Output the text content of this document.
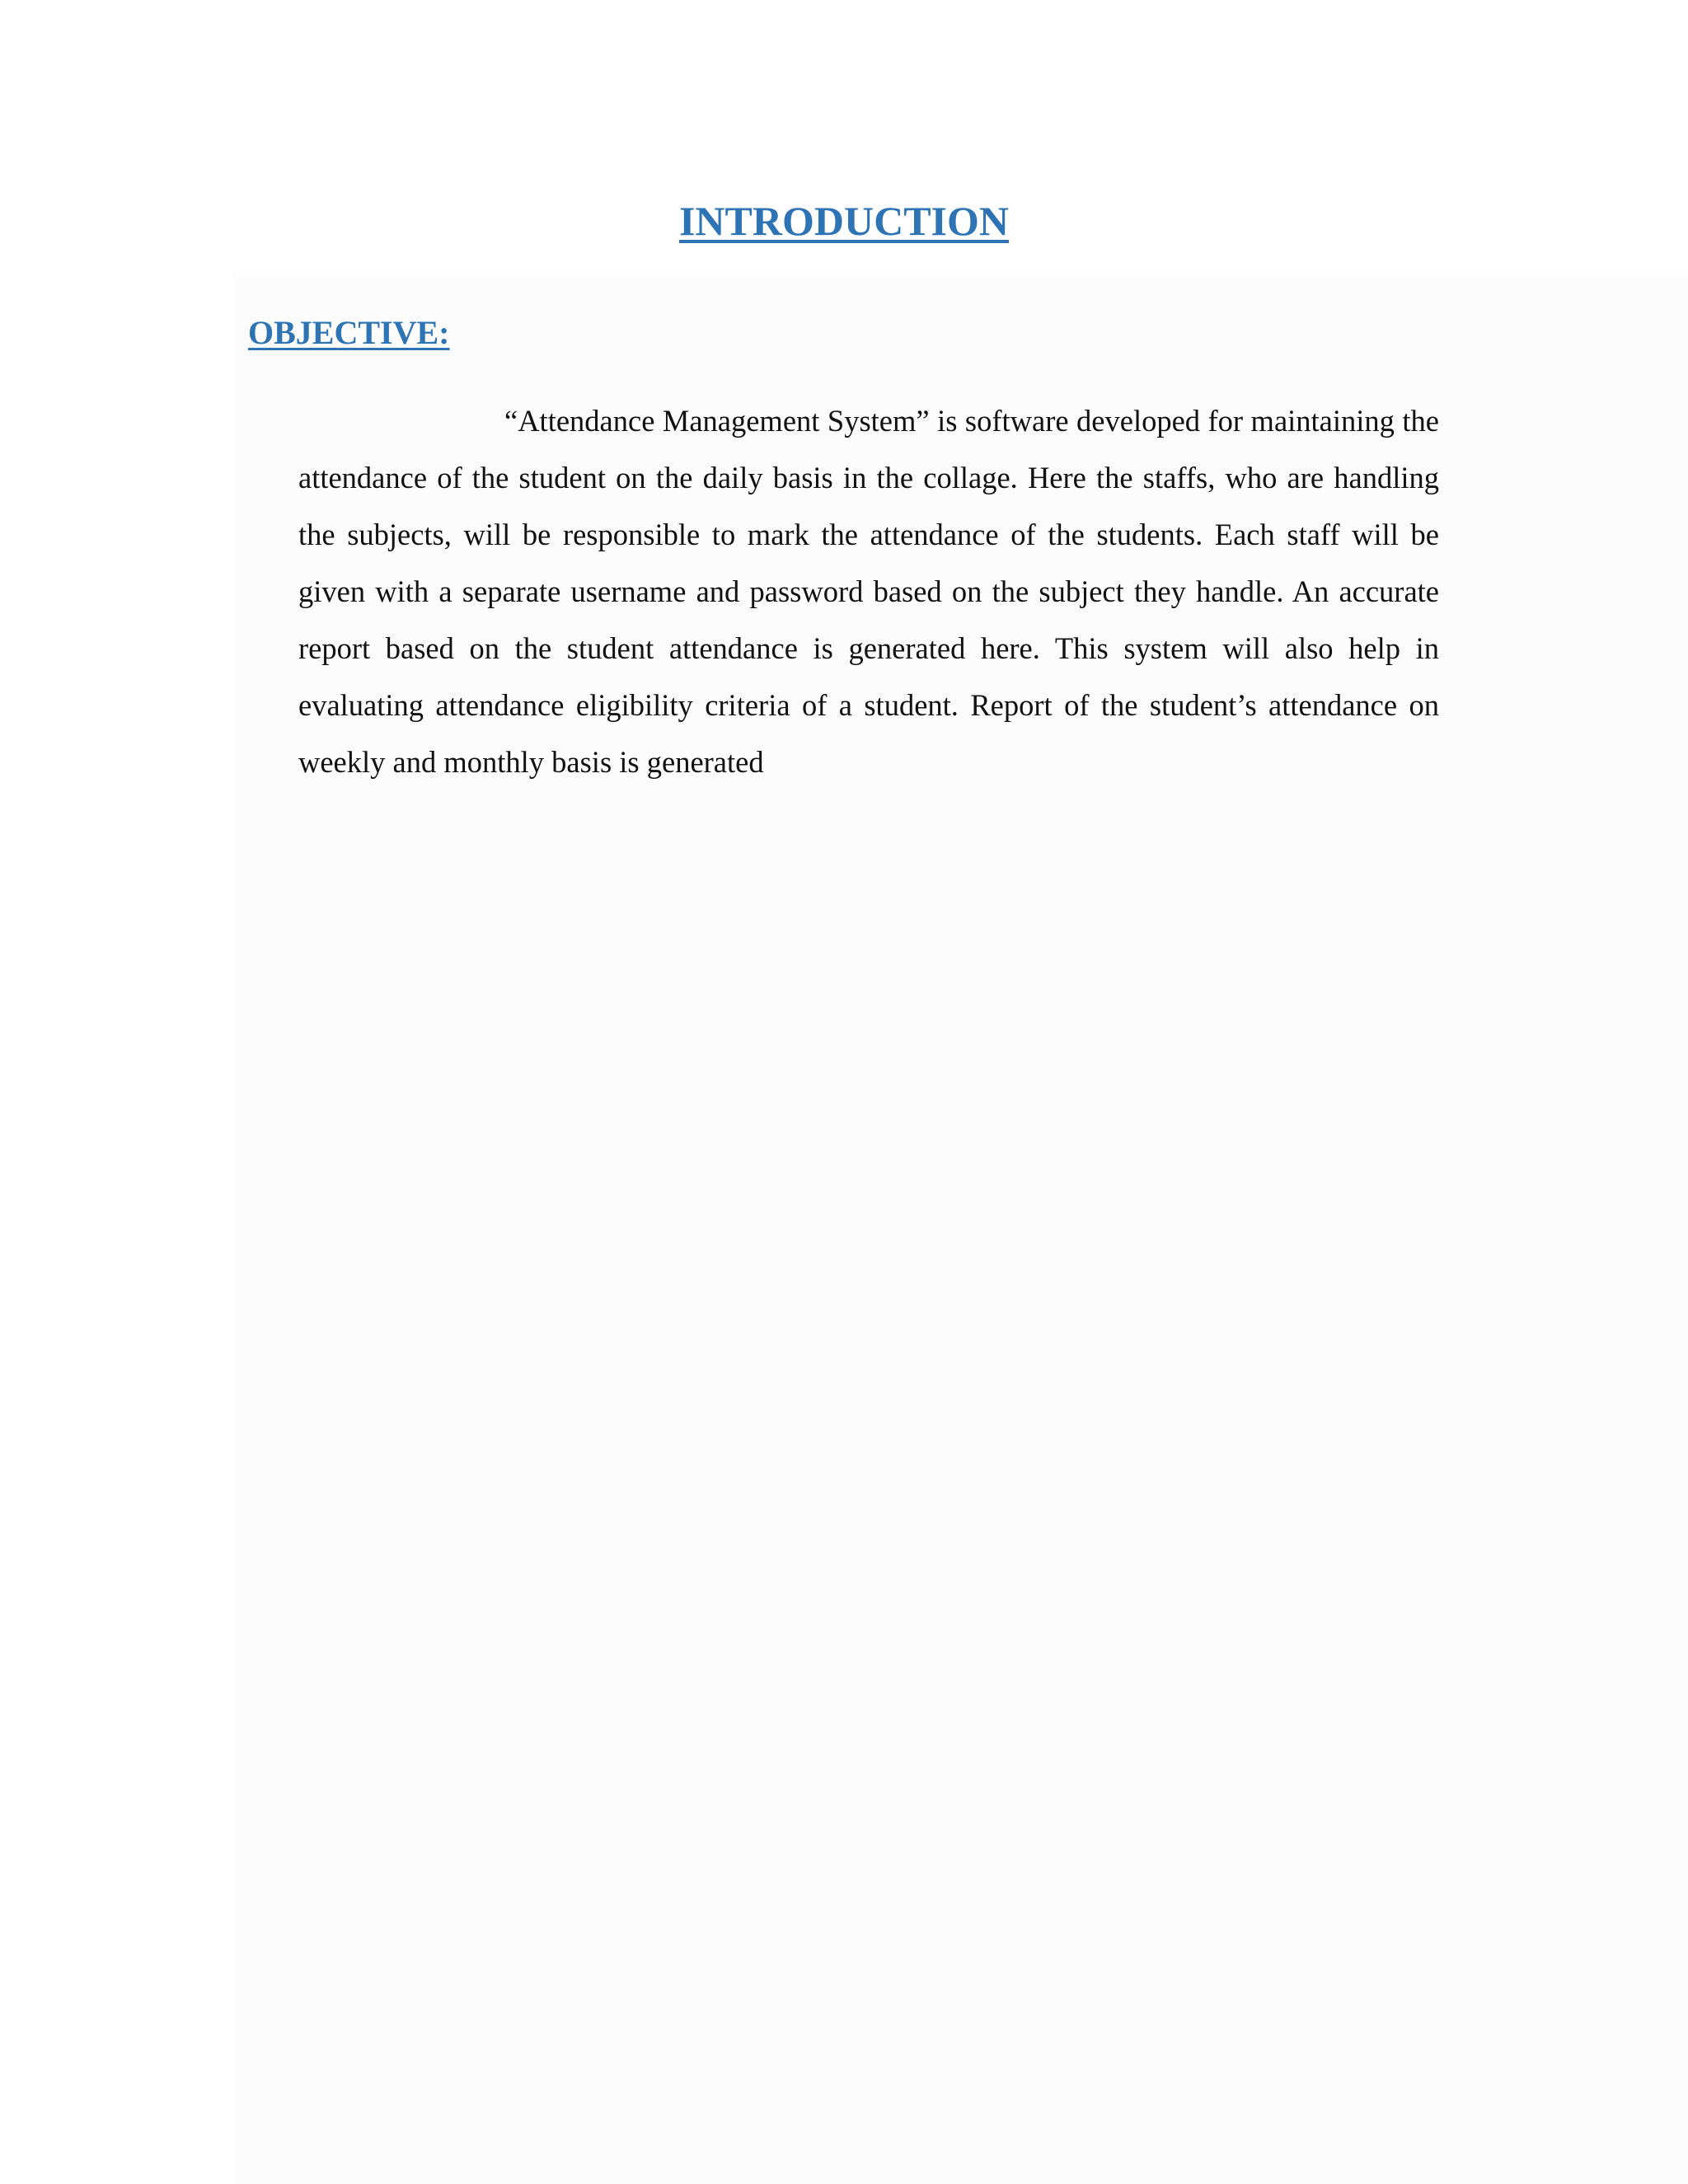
INTRODUCTION
OBJECTIVE:

“Attendance Management System” is software developed for maintaining the attendance of the student on the daily basis in the collage. Here the staffs, who are handling the subjects, will be responsible to mark the attendance of the students. Each staff will be given with a separate username and password based on the subject they handle. An accurate report based on the student attendance is generated here. This system will also help in evaluating attendance eligibility criteria of a student. Report of the student’s attendance on weekly and monthly basis is generated
